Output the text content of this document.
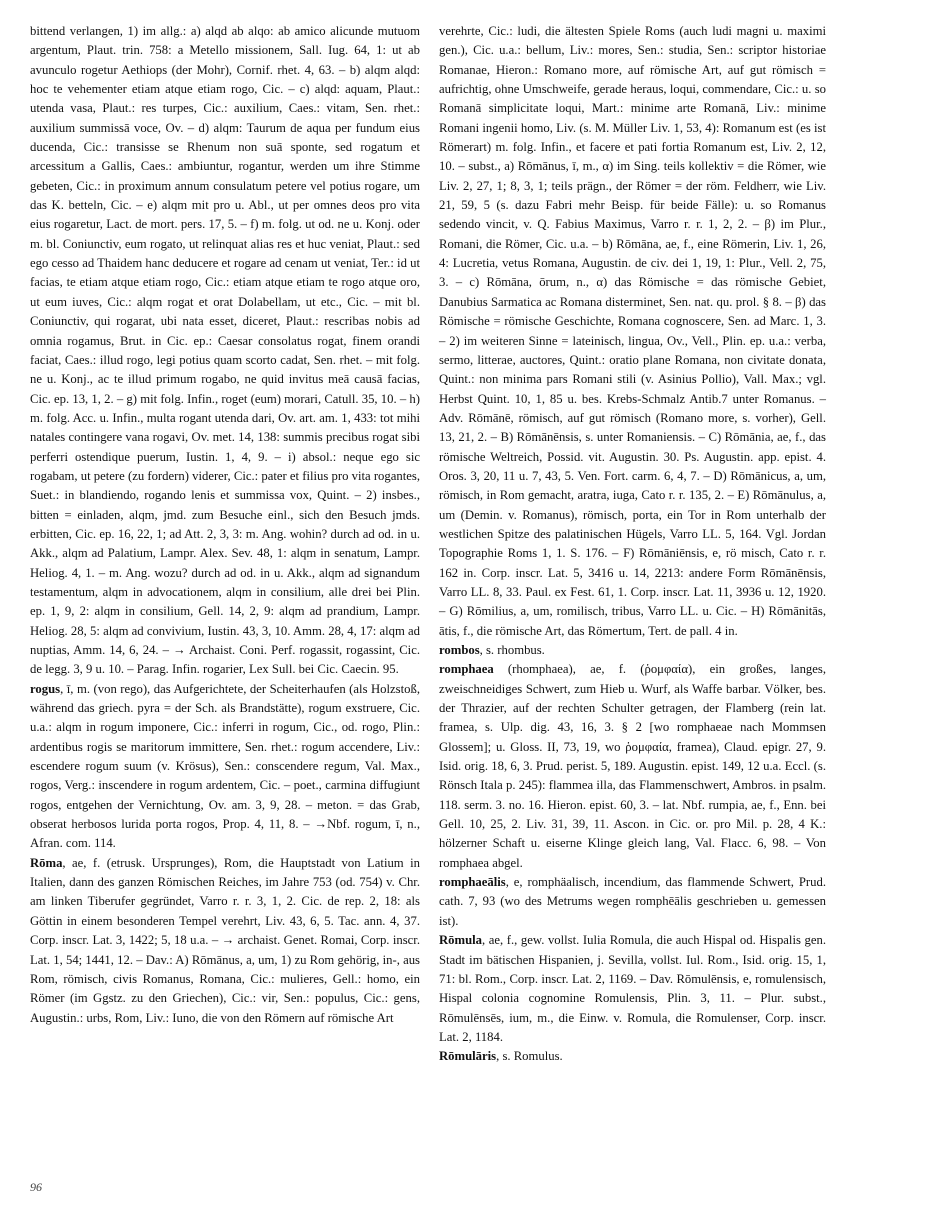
bittend verlangen, 1) im allg.: a) alqd ab alqo: ab amico alicunde mutuom argentum, Plaut. trin. 758: a Metello missionem, Sall. Iug. 64, 1: ut ab avunculo rogetur Aethiops (der Mohr), Cornif. rhet. 4, 63. – b) alqm alqd: hoc te vehementer etiam atque etiam rogo, Cic. – c) alqd: aquam, Plaut.: utenda vasa, Plaut.: res turpes, Cic.: auxilium, Caes.: vitam, Sen. rhet.: auxilium summissā voce, Ov. – d) alqm: Taurum de aqua per fundum eius ducenda, Cic.: transisse se Rhenum non suā sponte, sed rogatum et arcessitum a Gallis, Caes.: ambiuntur, rogantur, werden um ihre Stimme gebeten, Cic.: in proximum annum consulatum petere vel potius rogare, um das K. betteln, Cic. – e) alqm mit pro u. Abl., ut per omnes deos pro vita eius rogaretur, Lact. de mort. pers. 17, 5. – f) m. folg. ut od. ne u. Konj. oder m. bl. Coniunctiv, eum rogato, ut relinquat alias res et huc veniat, Plaut.: sed ego cesso ad Thaidem hanc deducere et rogare ad cenam ut veniat, Ter.: id ut facias, te etiam atque etiam rogo, Cic.: etiam atque etiam te rogo atque oro, ut eum iuves, Cic.: alqm rogat et orat Dolabellam, ut etc., Cic. – mit bl. Coniunctiv, qui rogarat, ubi nata esset, diceret, Plaut.: rescribas nobis ad omnia rogamus, Brut. in Cic. ep.: Caesar consolatus rogat, finem orandi faciat, Caes.: illud rogo, legi potius quam scorto cadat, Sen. rhet. – mit folg. ne u. Konj., ac te illud primum rogabo, ne quid invitus meā causā facias, Cic. ep. 13, 1, 2. – g) mit folg. Infin., roget (eum) morari, Catull. 35, 10. – h) m. folg. Acc. u. Infin., multa rogant utenda dari, Ov. art. am. 1, 433: tot mihi natales contingere vana rogavi, Ov. met. 14, 138: summis precibus rogat sibi perferri ostendique puerum, Iustin. 1, 4, 9. – i) absol.: neque ego sic rogabam, ut petere (zu fordern) viderer, Cic.: pater et filius pro vita rogantes, Suet.: in blandiendo, rogando lenis et summissa vox, Quint. – 2) insbes., bitten = einladen, alqm, jmd. zum Besuche einl., sich den Besuch jmds. erbitten, Cic. ep. 16, 22, 1; ad Att. 2, 3, 3: m. Ang. wohin? durch ad od. in u. Akk., alqm ad Palatium, Lampr. Alex. Sev. 48, 1: alqm in senatum, Lampr. Heliog. 4, 1. – m. Ang. wozu? durch ad od. in u. Akk., alqm ad signandum testamentum, alqm in advocationem, alqm in consilium, alle drei bei Plin. ep. 1, 9, 2: alqm in consilium, Gell. 14, 2, 9: alqm ad prandium, Lampr. Heliog. 28, 5: alqm ad convivium, Iustin. 43, 3, 10. Amm. 28, 4, 17: alqm ad nuptias, Amm. 14, 6, 24. – → Archaist. Coni. Perf. rogassit, rogassint, Cic. de legg. 3, 9 u. 10. – Parag. Infin. rogarier, Lex Sull. bei Cic. Caecin. 95.

rogus, ī, m. (von rego), das Aufgerichtete, der Scheiterhaufen (als Holzstoß, während das griech. pyra = der Sch. als Brandstätte), rogum exstruere, Cic. u.a.: alqm in rogum imponere, Cic.: inferri in rogum, Cic., od. rogo, Plin.: ardentibus rogis se maritorum immittere, Sen. rhet.: rogum accendere, Liv.: escendere rogum suum (v. Krösus), Sen.: conscendere regum, Val. Max., rogos, Verg.: inscendere in rogum ardentem, Cic. – poet., carmina diffugiunt rogos, entgehen der Vernichtung, Ov. am. 3, 9, 28. – meton. = das Grab, obserat herbosos lurida porta rogos, Prop. 4, 11, 8. – →Nbf. rogum, ī, n., Afran. com. 114.

Rōma, ae, f. (etrusk. Ursprunges), Rom, die Hauptstadt von Latium in Italien, dann des ganzen Römischen Reiches, im Jahre 753 (od. 754) v. Chr. am linken Tiberufer gegründet, Varro r. r. 3, 1, 2. Cic. de rep. 2, 18: als Göttin in einem besonderen Tempel verehrt, Liv. 43, 6, 5. Tac. ann. 4, 37. Corp. inscr. Lat. 3, 1422; 5, 18 u.a. – → archaist. Genet. Romai, Corp. inscr. Lat. 1, 54; 1441, 12. – Dav.: A) Rōmānus, a, um, 1) zu Rom gehörig, in-, aus Rom, römisch, civis Romanus, Romana, Cic.: mulieres, Gell.: homo, ein Römer (im Ggstz. zu den Griechen), Cic.: vir, Sen.: populus, Cic.: gens, Augustin.: urbs, Rom, Liv.: Iuno, die von den Römern auf römische Art

verehrte, Cic.: ludi, die ältesten Spiele Roms (auch ludi magni u. maximi gen.), Cic. u.a.: bellum, Liv.: mores, Sen.: studia, Sen.: scriptor historiae Romanae, Hieron.: Romano more, auf römische Art, auf gut römisch = aufrichtig, ohne Umschweife, gerade heraus, loqui, commendare, Cic.: u. so Romanā simplicitate loqui, Mart.: minime arte Romanā, Liv.: minime Romani ingenii homo, Liv. (s. M. Müller Liv. 1, 53, 4): Romanum est (es ist Römerart) m. folg. Infin., et facere et pati fortia Romanum est, Liv. 2, 12, 10. – subst., a) Rōmānus, ī, m., α) im Sing. teils kollektiv = die Römer, wie Liv. 2, 27, 1; 8, 3, 1; teils prägn., der Römer = der röm. Feldherr, wie Liv. 21, 59, 5 (s. dazu Fabri mehr Beisp. für beide Fälle): u. so Romanus sedendo vincit, v. Q. Fabius Maximus, Varro r. r. 1, 2, 2. – β) im Plur., Romani, die Römer, Cic. u.a. – b) Rōmāna, ae, f., eine Römerin, Liv. 1, 26, 4: Lucretia, vetus Romana, Augustin. de civ. dei 1, 19, 1: Plur., Vell. 2, 75, 3. – c) Rōmāna, ōrum, n., α) das Römische = das römische Gebiet, Danubius Sarmatica ac Romana disterminet, Sen. nat. qu. prol. § 8. – β) das Römische = römische Geschichte, Romana cognoscere, Sen. ad Marc. 1, 3. – 2) im weiteren Sinne = lateinisch, lingua, Ov., Vell., Plin. ep. u.a.: verba, sermo, litterae, auctores, Quint.: oratio plane Romana, non civitate donata, Quint.: non minima pars Romani stili (v. Asinius Pollio), Vall. Max.; vgl. Herbst Quint. 10, 1, 85 u. bes. Krebs-Schmalz Antib.7 unter Romanus. – Adv. Rōmānē, römisch, auf gut römisch (Romano more, s. vorher), Gell. 13, 21, 2. – B) Rōmānēnsis, s. unter Romaniensis. – C) Rōmānia, ae, f., das römische Weltreich, Possid. vit. Augustin. 30. Ps. Augustin. app. epist. 4. Oros. 3, 20, 11 u. 7, 43, 5. Ven. Fort. carm. 6, 4, 7. – D) Rōmānicus, a, um, römisch, in Rom gemacht, aratra, iuga, Cato r. r. 135, 2. – E) Rōmānulus, a, um (Demin. v. Romanus), römisch, porta, ein Tor in Rom unterhalb der westlichen Spitze des palatinischen Hügels, Varro LL. 5, 164. Vgl. Jordan Topographie Roms 1, 1. S. 176. – F) Rōmāniēnsis, e, rö misch, Cato r. r. 162 in. Corp. inscr. Lat. 5, 3416 u. 14, 2213: andere Form Rōmānēnsis, Varro LL. 8, 33. Paul. ex Fest. 61, 1. Corp. inscr. Lat. 11, 3936 u. 12, 1920. – G) Rōmilius, a, um, romilisch, tribus, Varro LL. u. Cic. – H) Rōmānitās, ātis, f., die römische Art, das Römertum, Tert. de pall. 4 in.

rombos, s. rhombus.

romphaea (rhomphaea), ae, f. (ῥομφαία), ein großes, langes, zweischneidiges Schwert, zum Hieb u. Wurf, als Waffe barbar. Völker, bes. der Thrazier, auf der rechten Schulter getragen, der Flamberg (rein lat. framea, s. Ulp. dig. 43, 16, 3. § 2 [wo romphaeae nach Mommsen Glossem]; u. Gloss. II, 73, 19, wo ῥομφαία, framea), Claud. epigr. 27, 9. Isid. orig. 18, 6, 3. Prud. perist. 5, 189. Augustin. epist. 149, 12 u.a. Eccl. (s. Rönsch Itala p. 245): flammea illa, das Flammenschwert, Ambros. in psalm. 118. serm. 3. no. 16. Hieron. epist. 60, 3. – lat. Nbf. rumpia, ae, f., Enn. bei Gell. 10, 25, 2. Liv. 31, 39, 11. Ascon. in Cic. or. pro Mil. p. 28, 4 K.: hölzerner Schaft u. eiserne Klinge gleich lang, Val. Flacc. 6, 98. – Von romphaea abgel.

romphaeālis, e, romphäalisch, incendium, das flammende Schwert, Prud. cath. 7, 93 (wo des Metrums wegen romphēālis geschrieben u. gemessen ist).

Rōmula, ae, f., gew. vollst. Iulia Romula, die auch Hispal od. Hispalis gen. Stadt im bätischen Hispanien, j. Sevilla, vollst. Iul. Rom., Isid. orig. 15, 1, 71: bl. Rom., Corp. inscr. Lat. 2, 1169. – Dav. Rōmulēnsis, e, romulensisch, Hispal colonia cognomine Romulensis, Plin. 3, 11. – Plur. subst., Rōmulēnsēs, ium, m., die Einw. v. Romula, die Romulenser, Corp. inscr. Lat. 2, 1184.

Rōmulāris, s. Romulus.

96
